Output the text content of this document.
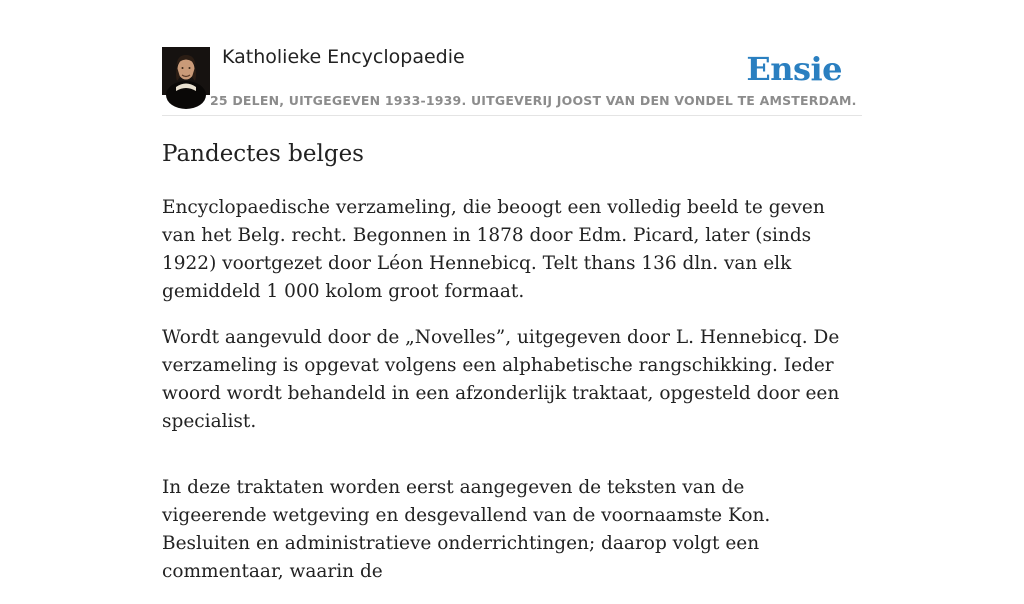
Katholieke Encyclopaedie
25 DELEN, UITGEGEVEN 1933-1939. UITGEVERIJ JOOST VAN DEN VONDEL TE AMSTERDAM.
Ensie
Pandectes belges

Encyclopaedische verzameling, die beoogt een volledig beeld te geven van het Belg. recht. Begonnen in 1878 door Edm. Picard, later (sinds 1922) voortgezet door Léon Hennebicq. Telt thans 136 dln. van elk gemiddeld 1 000 kolom groot formaat.

Wordt aangevuld door de „Novelles”, uitgegeven door L. Hennebicq. De verzameling is opgevat volgens een alphabetische rangschikking. Ieder woord wordt behandeld in een afzonderlijk traktaat, opgesteld door een specialist.

In deze traktaten worden eerst aangegeven de teksten van de vigeerende wetgeving en desgevallend van de voornaamste Kon. Besluiten en administratieve onderrichtingen; daarop volgt een commentaar, waarin de
